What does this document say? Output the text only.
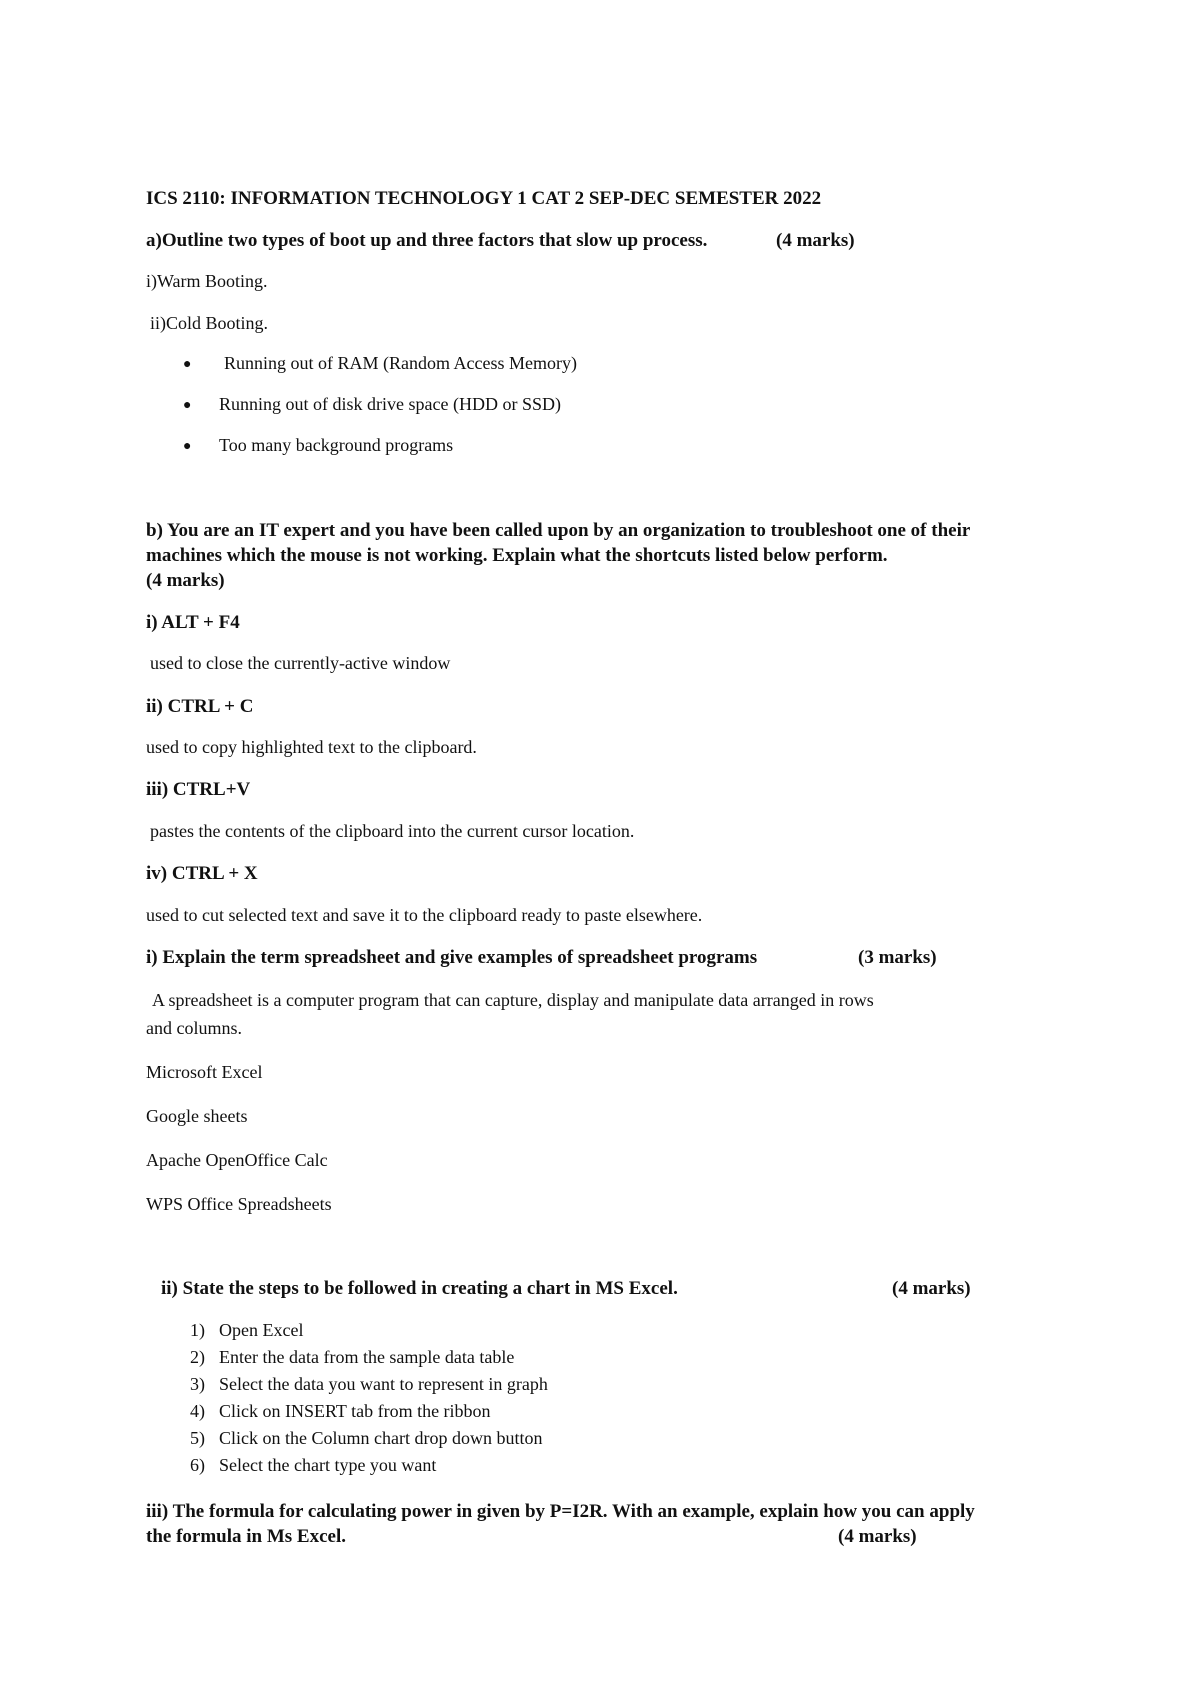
ICS 2110: INFORMATION TECHNOLOGY 1 CAT 2 SEP-DEC SEMESTER 2022
a)Outline two types of boot up and three factors that slow up process.	(4 marks)
i)Warm Booting.
ii)Cold Booting.
● Running out of RAM (Random Access Memory)
● Running out of disk drive space (HDD or SSD)
● Too many background programs
b) You are an IT expert and you have been called upon by an organization to troubleshoot one of their
machines which the mouse is not working. Explain what the shortcuts listed below perform.
(4 marks)
i) ALT + F4
used to close the currently-active window
ii) CTRL + C
used to copy highlighted text to the clipboard.
iii) CTRL+V
pastes the contents of the clipboard into the current cursor location.
iv) CTRL + X
used to cut selected text and save it to the clipboard ready to paste elsewhere.
i) Explain the term spreadsheet and give examples of spreadsheet programs	(3 marks)
A spreadsheet is a computer program that can capture, display and manipulate data arranged in rows
and columns.
Microsoft Excel
Google sheets
Apache OpenOffice Calc
WPS Office Spreadsheets
ii) State the steps to be followed in creating a chart in MS Excel.	(4 marks)
1) Open Excel
2) Enter the data from the sample data table
3) Select the data you want to represent in graph
4) Click on INSERT tab from the ribbon
5) Click on the Column chart drop down button
6) Select the chart type you want
iii) The formula for calculating power in given by P=I2R. With an example, explain how you can apply
the formula in Ms Excel.	(4 marks)
